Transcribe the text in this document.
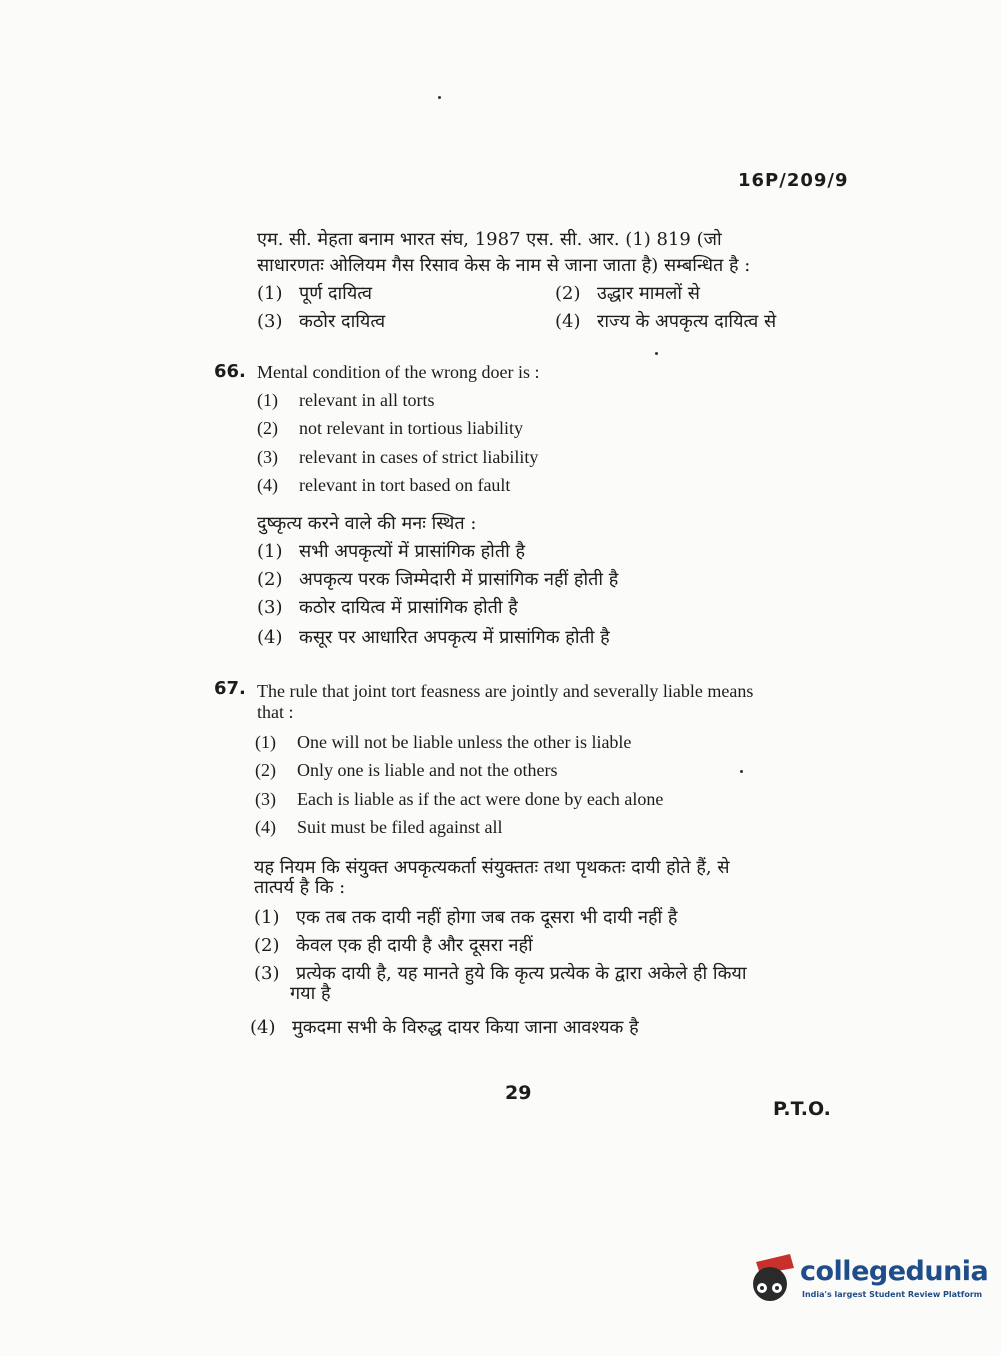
16P/209/9
एम. सी. मेहता बनाम भारत संघ, 1987 एस. सी. आर. (1) 819 (जो
साधारणतः ओलियम गैस रिसाव केस के नाम से जाना जाता है) सम्बन्धित है :
(1) पूर्ण दायित्व	(2) उद्धार मामलों से
(3) कठोर दायित्व	(4) राज्य के अपकृत्य दायित्व से
66. Mental condition of the wrong doer is :
(1) relevant in all torts
(2) not relevant in tortious liability
(3) relevant in cases of strict liability
(4) relevant in tort based on fault
दुष्कृत्य करने वाले की मनः स्थित :
(1) सभी अपकृत्यों में प्रासांगिक होती है
(2) अपकृत्य परक जिम्मेदारी में प्रासांगिक नहीं होती है
(3) कठोर दायित्व में प्रासांगिक होती है
(4) कसूर पर आधारित अपकृत्य में प्रासांगिक होती है
67. The rule that joint tort feasness are jointly and severally liable means
that :
(1) One will not be liable unless the other is liable
(2) Only one is liable and not the others
(3) Each is liable as if the act were done by each alone
(4) Suit must be filed against all
यह नियम कि संयुक्त अपकृत्यकर्ता संयुक्ततः तथा पृथकतः दायी होते हैं, से
तात्पर्य है कि :
(1) एक तब तक दायी नहीं होगा जब तक दूसरा भी दायी नहीं है
(2) केवल एक ही दायी है और दूसरा नहीं
(3) प्रत्येक दायी है, यह मानते हुये कि कृत्य प्रत्येक के द्वारा अकेले ही किया
गया है
(4) मुकदमा सभी के विरुद्ध दायर किया जाना आवश्यक है
29
P.T.O.
collegedunia
India's largest Student Review Platform
